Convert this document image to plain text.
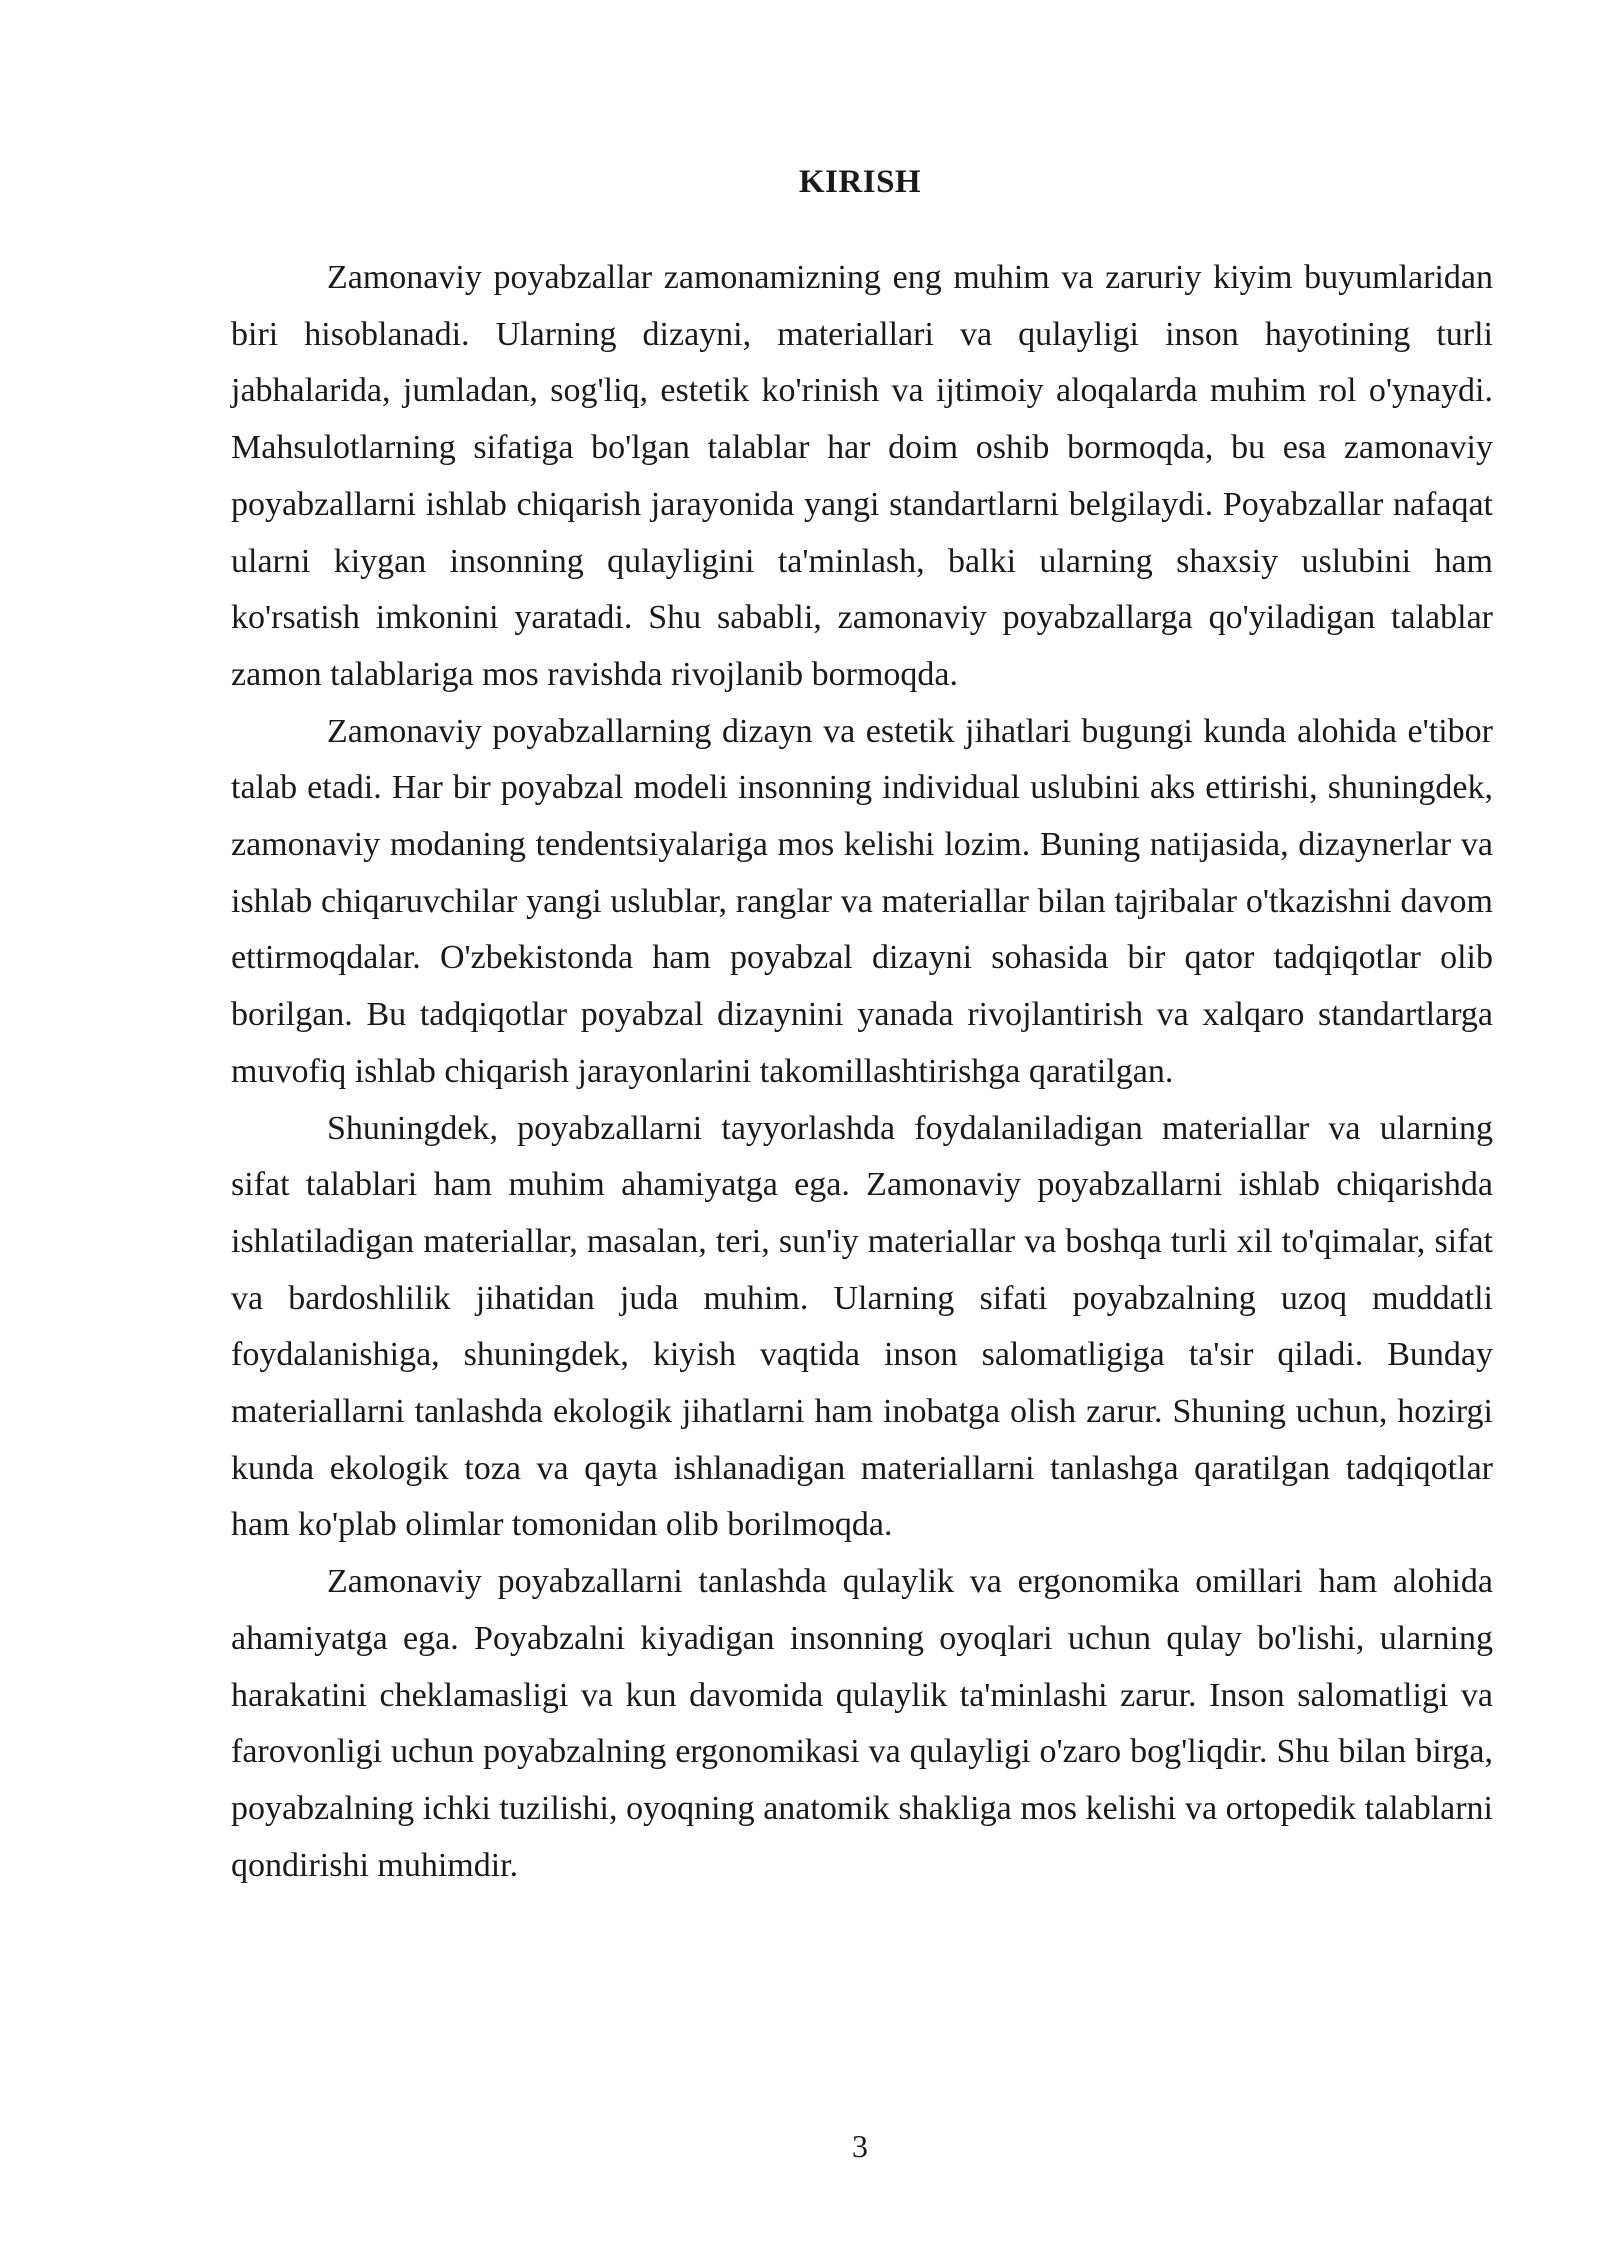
KIRISH

Zamonaviy poyabzallar zamonamizning eng muhim va zaruriy kiyim buyumlaridan biri hisoblanadi. Ularning dizayni, materiallari va qulayligi inson hayotining turli jabhalarida, jumladan, sog'liq, estetik ko'rinish va ijtimoiy aloqalarda muhim rol o'ynaydi. Mahsulotlarning sifatiga bo'lgan talablar har doim oshib bormoqda, bu esa zamonaviy poyabzallarni ishlab chiqarish jarayonida yangi standartlarni belgilaydi. Poyabzallar nafaqat ularni kiygan insonning qulayligini ta'minlash, balki ularning shaxsiy uslubini ham ko'rsatish imkonini yaratadi. Shu sababli, zamonaviy poyabzallarga qo'yiladigan talablar zamon talablariga mos ravishda rivojlanib bormoqda.

Zamonaviy poyabzallarning dizayn va estetik jihatlari bugungi kunda alohida e'tibor talab etadi. Har bir poyabzal modeli insonning individual uslubini aks ettirishi, shuningdek, zamonaviy modaning tendentsiyalariga mos kelishi lozim. Buning natijasida, dizaynerlar va ishlab chiqaruvchilar yangi uslublar, ranglar va materiallar bilan tajribalar o'tkazishni davom ettirmoqdalar. O'zbekistonda ham poyabzal dizayni sohasida bir qator tadqiqotlar olib borilgan. Bu tadqiqotlar poyabzal dizaynini yanada rivojlantirish va xalqaro standartlarga muvofiq ishlab chiqarish jarayonlarini takomillashtirishga qaratilgan.

Shuningdek, poyabzallarni tayyorlashda foydalaniladigan materiallar va ularning sifat talablari ham muhim ahamiyatga ega. Zamonaviy poyabzallarni ishlab chiqarishda ishlatiladigan materiallar, masalan, teri, sun'iy materiallar va boshqa turli xil to'qimalar, sifat va bardoshlilik jihatidan juda muhim. Ularning sifati poyabzalning uzoq muddatli foydalanishiga, shuningdek, kiyish vaqtida inson salomatligiga ta'sir qiladi. Bunday materiallarni tanlashda ekologik jihatlarni ham inobatga olish zarur. Shuning uchun, hozirgi kunda ekologik toza va qayta ishlanadigan materiallarni tanlashga qaratilgan tadqiqotlar ham ko'plab olimlar tomonidan olib borilmoqda.

Zamonaviy poyabzallarni tanlashda qulaylik va ergonomika omillari ham alohida ahamiyatga ega. Poyabzalni kiyadigan insonning oyoqlari uchun qulay bo'lishi, ularning harakatini cheklamasligi va kun davomida qulaylik ta'minlashi zarur. Inson salomatligi va farovonligi uchun poyabzalning ergonomikasi va qulayligi o'zaro bog'liqdir. Shu bilan birga, poyabzalning ichki tuzilishi, oyoqning anatomik shakliga mos kelishi va ortopedik talablarni qondirishi muhimdir.

3
